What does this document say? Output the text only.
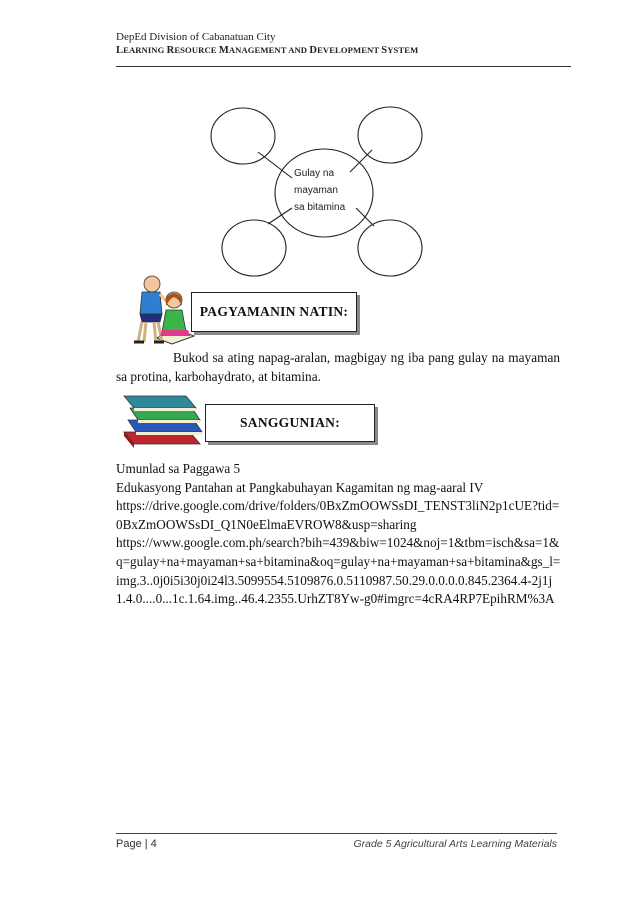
DepEd Division of Cabanatuan City
LEARNING RESOURCE MANAGEMENT AND DEVELOPMENT SYSTEM
Gulay na
mayaman
sa bitamina
PAGYAMANIN NATIN:
Bukod sa ating napag-aralan, magbigay ng iba pang gulay na mayaman sa protina, karbohaydrato, at bitamina.
SANGGUNIAN:
Umunlad sa Paggawa 5
Edukasyong Pantahan at Pangkabuhayan Kagamitan ng mag-aaral IV
https://drive.google.com/drive/folders/0BxZmOOWSsDI_TENST3liN2p1cUE?tid=0BxZmOOWSsDI_Q1N0eElmaEVROW8&usp=sharing
https://www.google.com.ph/search?bih=439&biw=1024&noj=1&tbm=isch&sa=1&q=gulay+na+mayaman+sa+bitamina&oq=gulay+na+mayaman+sa+bitamina&gs_l=img.3..0j0i5i30j0i24l3.5099554.5109876.0.5110987.50.29.0.0.0.0.845.2364.4-2j1j1.4.0....0...1c.1.64.img..46.4.2355.UrhZT8Yw-g0#imgrc=4cRA4RP7EpihRM%3A
Page | 4	Grade 5 Agricultural Arts Learning Materials
